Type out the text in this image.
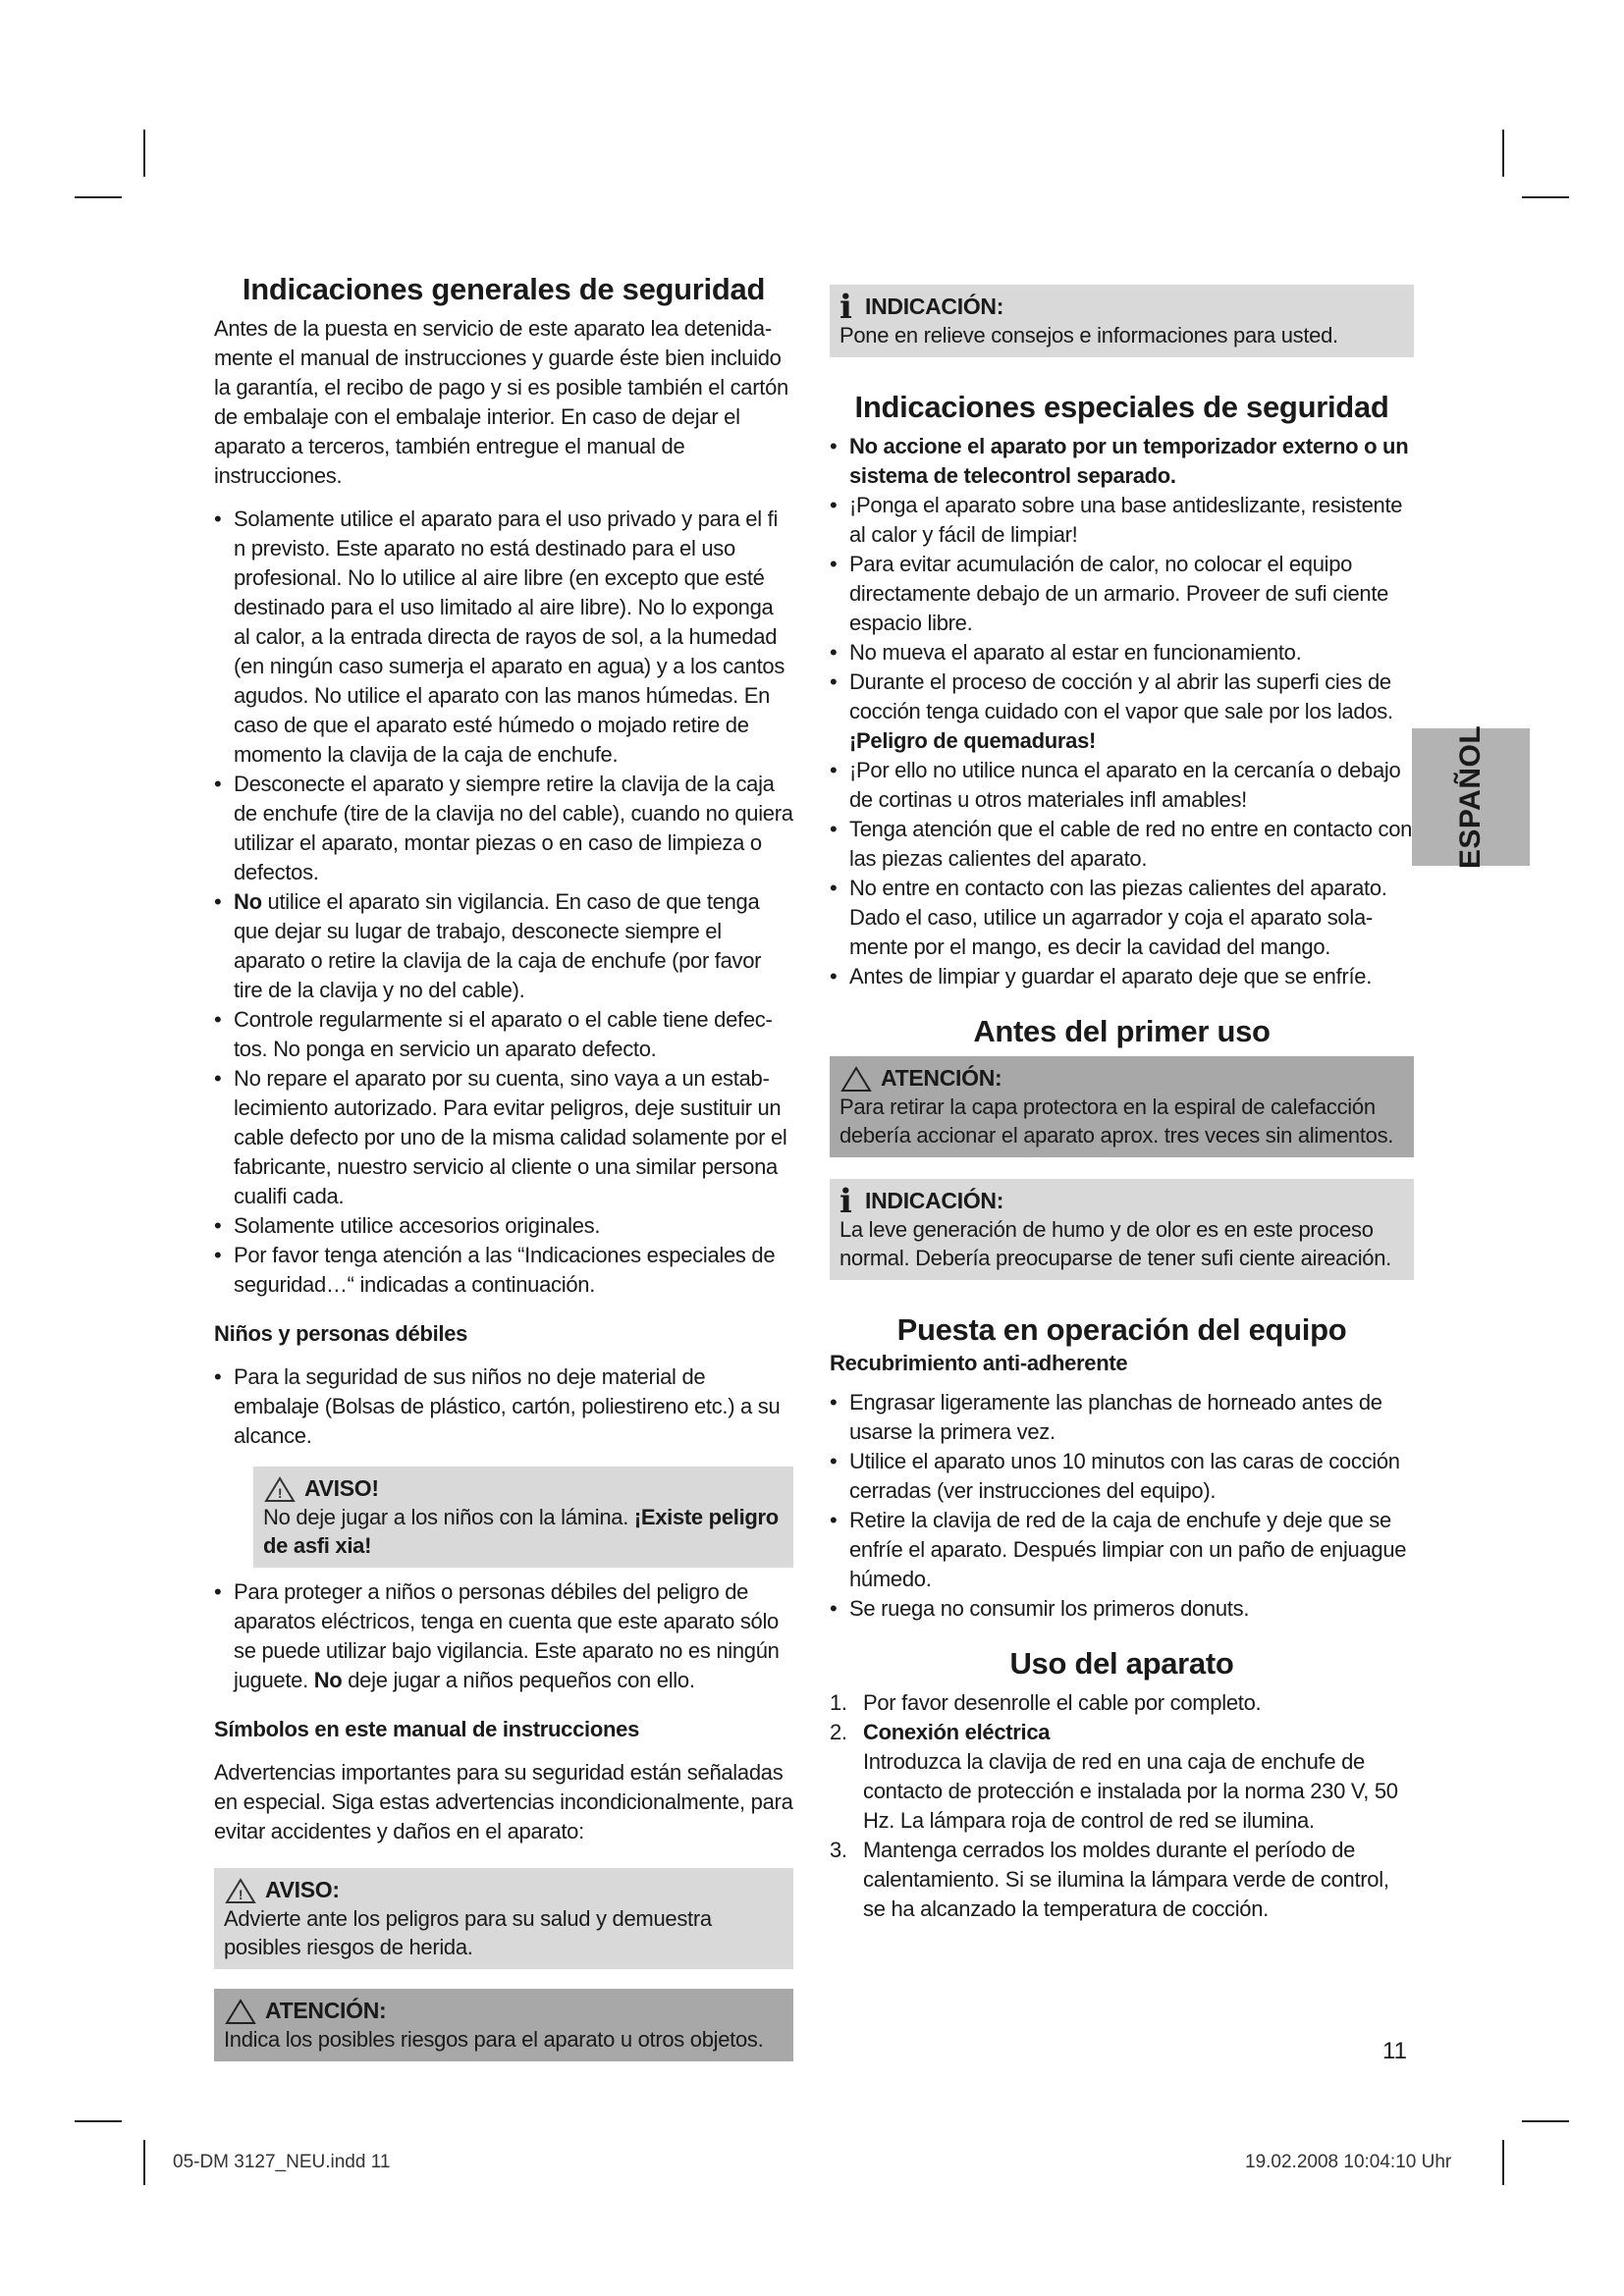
Indicaciones generales de seguridad

Antes de la puesta en servicio de este aparato lea detenidamente el manual de instrucciones y guarde éste bien incluido la garantía, el recibo de pago y si es posible también el cartón de embalaje con el embalaje interior. En caso de dejar el aparato a terceros, también entregue el manual de instrucciones.

• Solamente utilice el aparato para el uso privado y para el fi n previsto. Este aparato no está destinado para el uso profesional. No lo utilice al aire libre (en excepto que esté destinado para el uso limitado al aire libre). No lo exponga al calor, a la entrada directa de rayos de sol, a la humedad (en ningún caso sumerja el aparato en agua) y a los cantos agudos. No utilice el aparato con las manos húmedas. En caso de que el aparato esté húmedo o mojado retire de momento la clavija de la caja de enchufe.
• Desconecte el aparato y siempre retire la clavija de la caja de enchufe (tire de la clavija no del cable), cuando no quiera utilizar el aparato, montar piezas o en caso de limpieza o defectos.
• No utilice el aparato sin vigilancia. En caso de que tenga que dejar su lugar de trabajo, desconecte siempre el aparato o retire la clavija de la caja de enchufe (por favor tire de la clavija y no del cable).
• Controle regularmente si el aparato o el cable tiene defectos. No ponga en servicio un aparato defecto.
• No repare el aparato por su cuenta, sino vaya a un establecimiento autorizado. Para evitar peligros, deje sustituir un cable defecto por uno de la misma calidad solamente por el fabricante, nuestro servicio al cliente o una similar persona cualifi cada.
• Solamente utilice accesorios originales.
• Por favor tenga atención a las “Indicaciones especiales de seguridad…“ indicadas a continuación.
Niños y personas débiles
• Para la seguridad de sus niños no deje material de embalaje (Bolsas de plástico, cartón, poliestireno etc.) a su alcance.
! AVISO!
No deje jugar a los niños con la lámina. ¡Existe peligro de asfi xia!
• Para proteger a niños o personas débiles del peligro de aparatos eléctricos, tenga en cuenta que este aparato sólo se puede utilizar bajo vigilancia. Este aparato no es ningún juguete. No deje jugar a niños pequeños con ello.
Símbolos en este manual de instrucciones

Advertencias importantes para su seguridad están señaladas en especial. Siga estas advertencias incondicionalmente, para evitar accidentes y daños en el aparato:

! AVISO:
Advierte ante los peligros para su salud y demuestra posibles riesgos de herida.
ATENCIÓN:
Indica los posibles riesgos para el aparato u otros objetos.
i INDICACIÓN:
Pone en relieve consejos e informaciones para usted.
Indicaciones especiales de seguridad
• No accione el aparato por un temporizador externo o un sistema de telecontrol separado.
• ¡Ponga el aparato sobre una base antideslizante, resistente al calor y fácil de limpiar!
• Para evitar acumulación de calor, no colocar el equipo directamente debajo de un armario. Proveer de sufi ciente espacio libre.
• No mueva el aparato al estar en funcionamiento.
• Durante el proceso de cocción y al abrir las superfi cies de cocción tenga cuidado con el vapor que sale por los lados.
¡Peligro de quemaduras!
• ¡Por ello no utilice nunca el aparato en la cercanía o debajo de cortinas u otros materiales infl amables!
• Tenga atención que el cable de red no entre en contacto con las piezas calientes del aparato.
• No entre en contacto con las piezas calientes del aparato. Dado el caso, utilice un agarrador y coja el aparato solamente por el mango, es decir la cavidad del mango.
• Antes de limpiar y guardar el aparato deje que se enfríe.
Antes del primer uso
ATENCIÓN:
Para retirar la capa protectora en la espiral de calefacción debería accionar el aparato aprox. tres veces sin alimentos.
i INDICACIÓN:
La leve generación de humo y de olor es en este proceso normal. Debería preocuparse de tener sufi ciente aireación.
Puesta en operación del equipo
Recubrimiento anti-adherente
• Engrasar ligeramente las planchas de horneado antes de usarse la primera vez.
• Utilice el aparato unos 10 minutos con las caras de cocción cerradas (ver instrucciones del equipo).
• Retire la clavija de red de la caja de enchufe y deje que se enfríe el aparato. Después limpiar con un paño de enjuague húmedo.
• Se ruega no consumir los primeros donuts.
Uso del aparato
1. Por favor desenrolle el cable por completo.
2. Conexión eléctrica
Introduzca la clavija de red en una caja de enchufe de contacto de protección e instalada por la norma 230 V, 50 Hz. La lámpara roja de control de red se ilumina.
3. Mantenga cerrados los moldes durante el período de calentamiento. Si se ilumina la lámpara verde de control, se ha alcanzado la temperatura de cocción.
ESPAÑOL
11
05-DM 3127_NEU.indd 11	19.02.2008 10:04:10 Uhr
